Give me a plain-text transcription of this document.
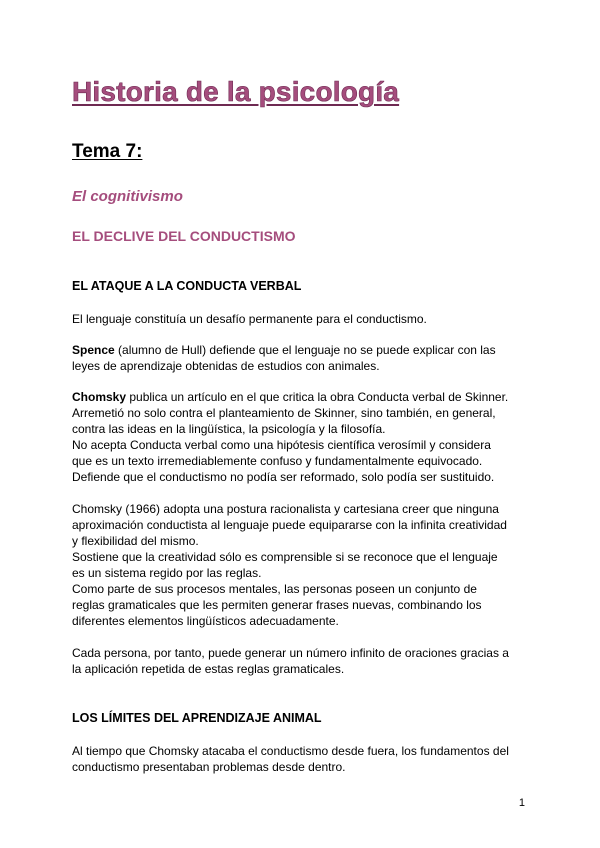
Historia de la psicología
Tema 7:
El cognitivismo
EL DECLIVE DEL CONDUCTISMO
EL ATAQUE A LA CONDUCTA VERBAL

El lenguaje constituía un desafío permanente para el conductismo.

Spence (alumno de Hull) defiende que el lenguaje no se puede explicar con las
leyes de aprendizaje obtenidas de estudios con animales.

Chomsky publica un artículo en el que critica la obra Conducta verbal de Skinner.
Arremetió no solo contra el planteamiento de Skinner, sino también, en general,
contra las ideas en la lingüística, la psicología y la filosofía.
No acepta Conducta verbal como una hipótesis científica verosímil y considera
que es un texto irremediablemente confuso y fundamentalmente equivocado.
Defiende que el conductismo no podía ser reformado, solo podía ser sustituido.

Chomsky (1966) adopta una postura racionalista y cartesiana creer que ninguna
aproximación conductista al lenguaje puede equipararse con la infinita creatividad
y flexibilidad del mismo.
Sostiene que la creatividad sólo es comprensible si se reconoce que el lenguaje
es un sistema regido por las reglas.
Como parte de sus procesos mentales, las personas poseen un conjunto de
reglas gramaticales que les permiten generar frases nuevas, combinando los
diferentes elementos lingüísticos adecuadamente.

Cada persona, por tanto, puede generar un número infinito de oraciones gracias a
la aplicación repetida de estas reglas gramaticales.

LOS LÍMITES DEL APRENDIZAJE ANIMAL

Al tiempo que Chomsky atacaba el conductismo desde fuera, los fundamentos del
conductismo presentaban problemas desde dentro.

1
